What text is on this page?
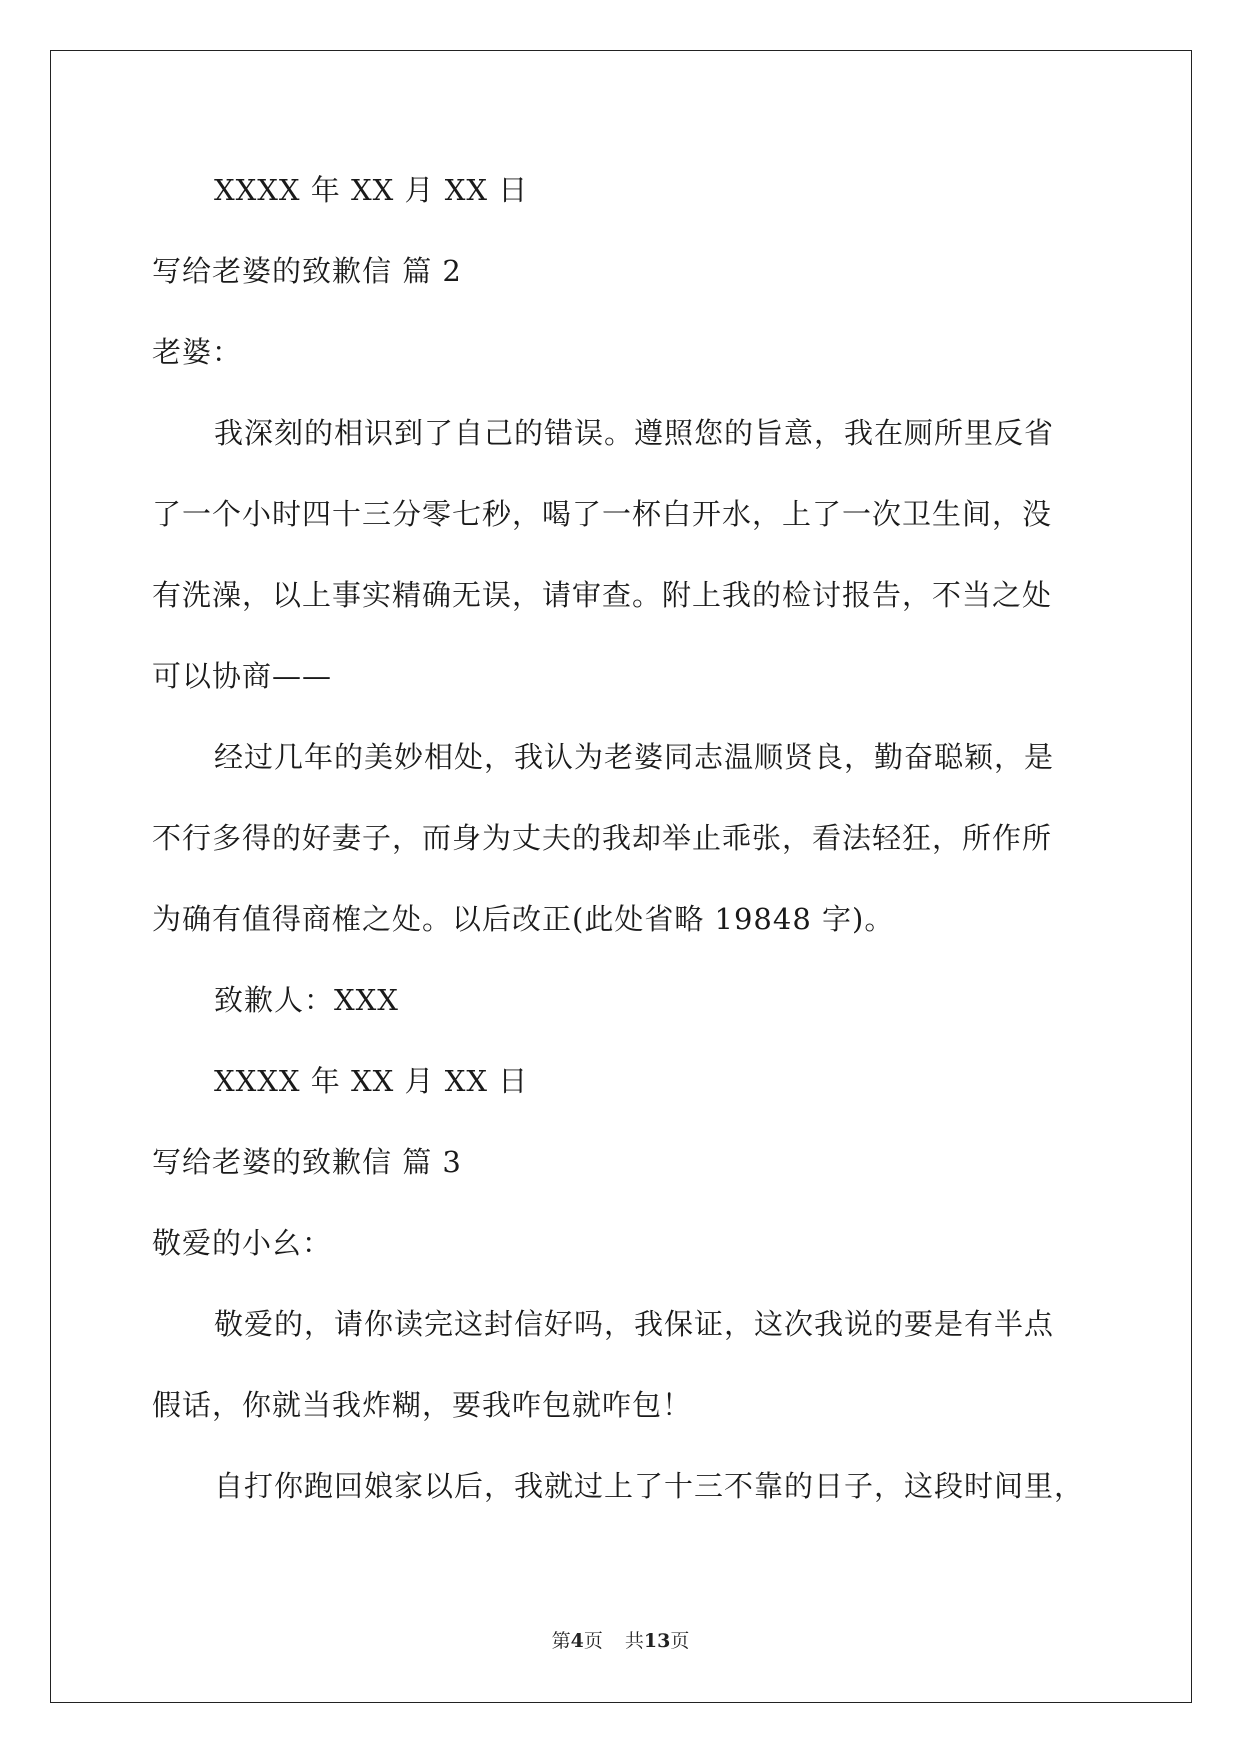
XXXX 年 XX 月 XX 日
写给老婆的致歉信 篇 2
老婆：
我深刻的相识到了自己的错误。遵照您的旨意，我在厕所里反省
了一个小时四十三分零七秒，喝了一杯白开水，上了一次卫生间，没
有洗澡，以上事实精确无误，请审查。附上我的检讨报告，不当之处
可以协商——
经过几年的美妙相处，我认为老婆同志温顺贤良，勤奋聪颖，是
不行多得的好妻子，而身为丈夫的我却举止乖张，看法轻狂，所作所
为确有值得商榷之处。以后改正(此处省略 19848 字)。
致歉人：XXX
XXXX 年 XX 月 XX 日
写给老婆的致歉信 篇 3
敬爱的小幺：
敬爱的，请你读完这封信好吗，我保证，这次我说的要是有半点
假话，你就当我炸糊，要我咋包就咋包！
自打你跑回娘家以后，我就过上了十三不靠的日子，这段时间里，
第4页 共13页
